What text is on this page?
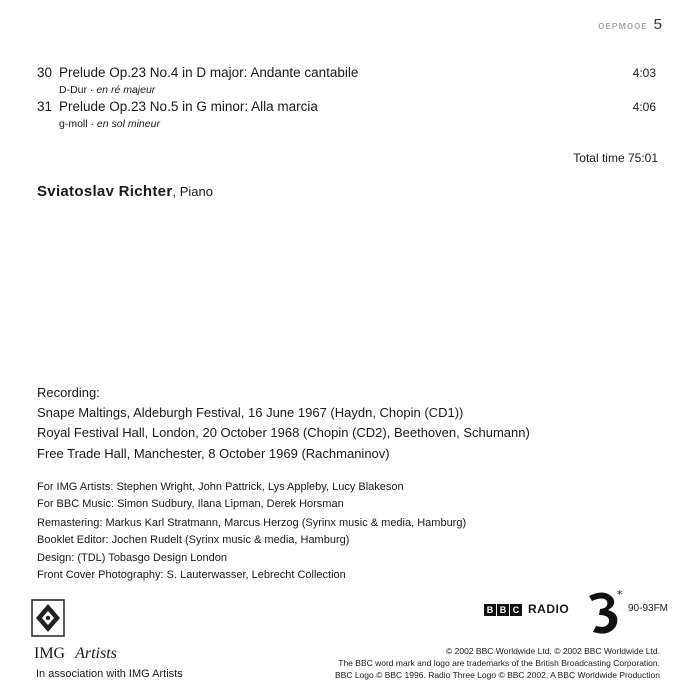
ᴏᴇᴘᴍᴏᴏᴇ 5
30 Prelude Op.23 No.4 in D major: Andante cantabile
D-Dur · en ré majeur
4:03
31 Prelude Op.23 No.5 in G minor: Alla marcia
g-moll · en sol mineur
4:06
Total time 75:01
Sviatoslav Richter, Piano
Recording:
Snape Maltings, Aldeburgh Festival, 16 June 1967 (Haydn, Chopin (CD1))
Royal Festival Hall, London, 20 October 1968 (Chopin (CD2), Beethoven, Schumann)
Free Trade Hall, Manchester, 8 October 1969 (Rachmaninov)
For IMG Artists: Stephen Wright, John Pattrick, Lys Appleby, Lucy Blakeson
For BBC Music: Simon Sudbury, Ilana Lipman, Derek Horsman
Remastering: Markus Karl Stratmann, Marcus Herzog (Syrinx music & media, Hamburg)
Booklet Editor: Jochen Rudelt (Syrinx music & media, Hamburg)
Design: (TDL) Tobasgo Design London
Front Cover Photography: S. Lauterwasser, Lebrecht Collection
IMG Artists
In association with IMG Artists
B B C RADIO
*
90-93FM
© 2002 BBC Worldwide Ltd. © 2002 BBC Worldwide Ltd.
The BBC word mark and logo are trademarks of the British Broadcasting Corporation.
BBC Logo © BBC 1996. Radio Three Logo © BBC 2002. A BBC Worldwide Production
